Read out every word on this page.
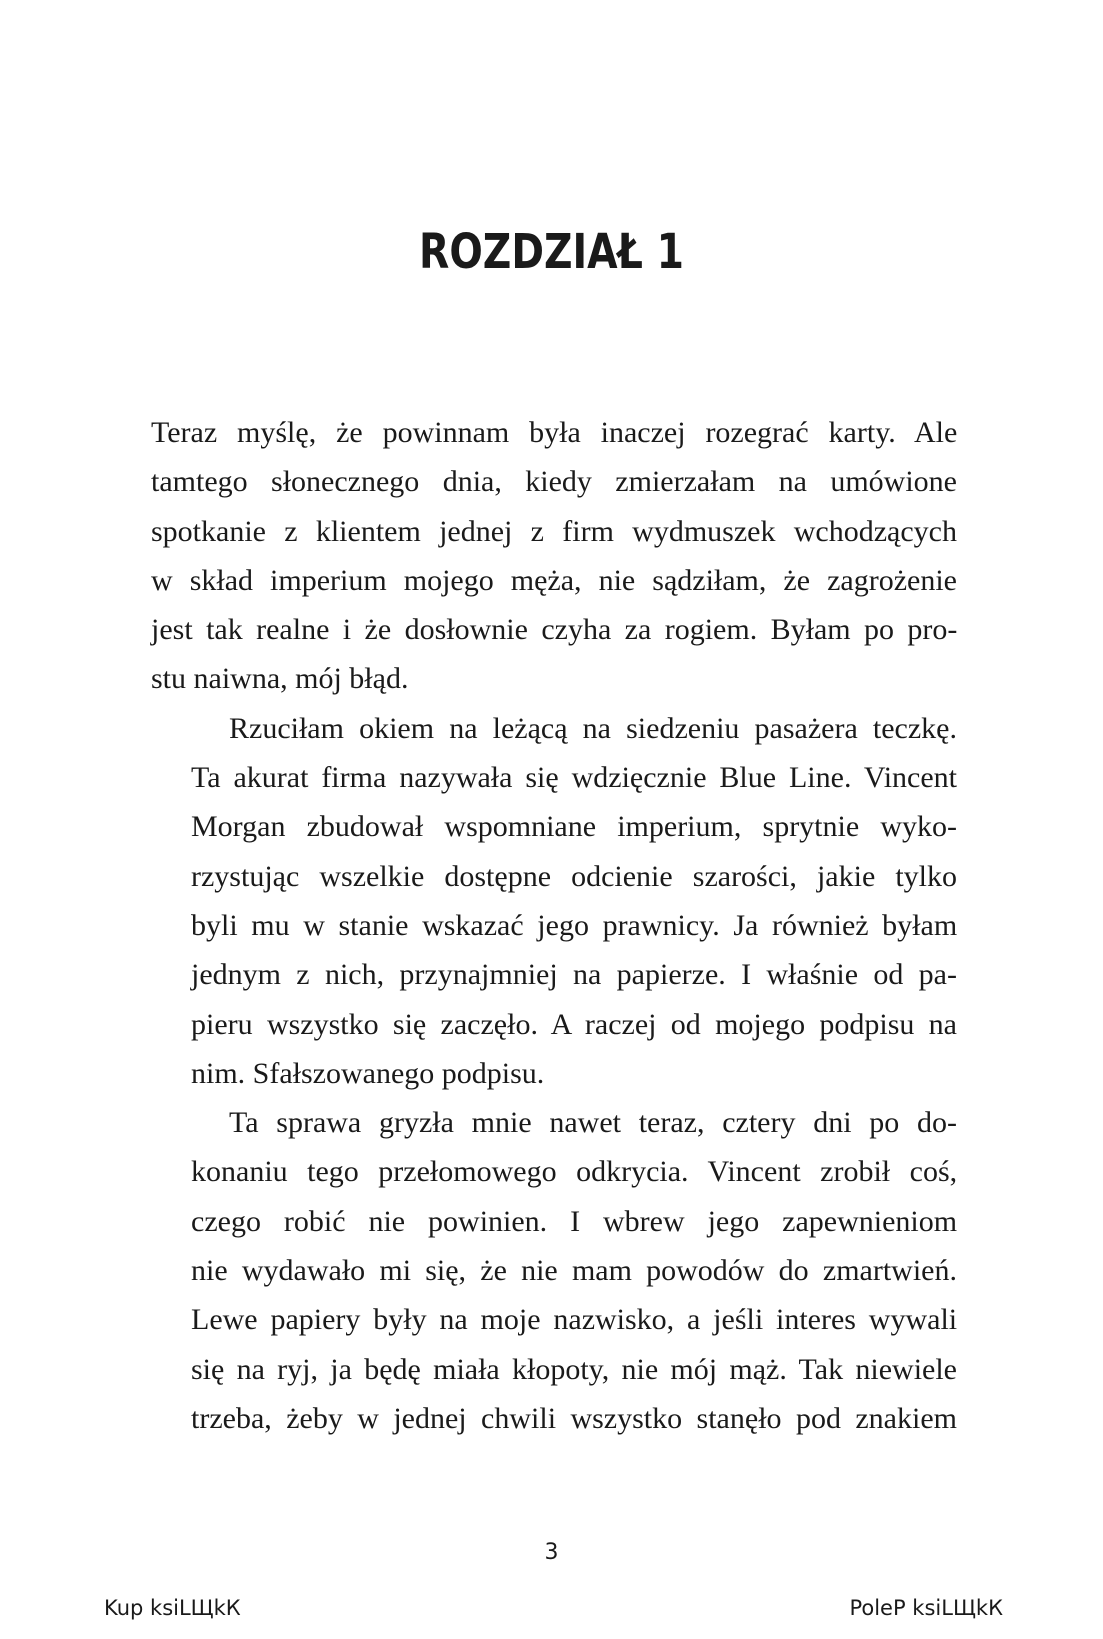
ROZDZIAŁ 1

Teraz myślę, że powinnam była inaczej rozegrać karty. Ale
tamtego słonecznego dnia, kiedy zmierzałam na umówione
spotkanie z klientem jednej z firm wydmuszek wchodzących
w skład imperium mojego męża, nie sądziłam, że zagrożenie
jest tak realne i że dosłownie czyha za rogiem. Byłam po pro-
stu naiwna, mój błąd.

Rzuciłam okiem na leżącą na siedzeniu pasażera teczkę.
Ta akurat firma nazywała się wdzięcznie Blue Line. Vincent
Morgan zbudował wspomniane imperium, sprytnie wyko-
rzystując wszelkie dostępne odcienie szarości, jakie tylko
byli mu w stanie wskazać jego prawnicy. Ja również byłam
jednym z nich, przynajmniej na papierze. I właśnie od pa-
pieru wszystko się zaczęło. A raczej od mojego podpisu na
nim. Sfałszowanego podpisu.

Ta sprawa gryzła mnie nawet teraz, cztery dni po do-
konaniu tego przełomowego odkrycia. Vincent zrobił coś,
czego robić nie powinien. I wbrew jego zapewnieniom
nie wydawało mi się, że nie mam powodów do zmartwień.
Lewe papiery były na moje nazwisko, a jeśli interes wywali
się na ryj, ja będę miała kłopoty, nie mój mąż. Tak niewiele
trzeba, żeby w jednej chwili wszystko stanęło pod znakiem

3
Kup ksiLЩkК	PoleР ksiLЩkК
